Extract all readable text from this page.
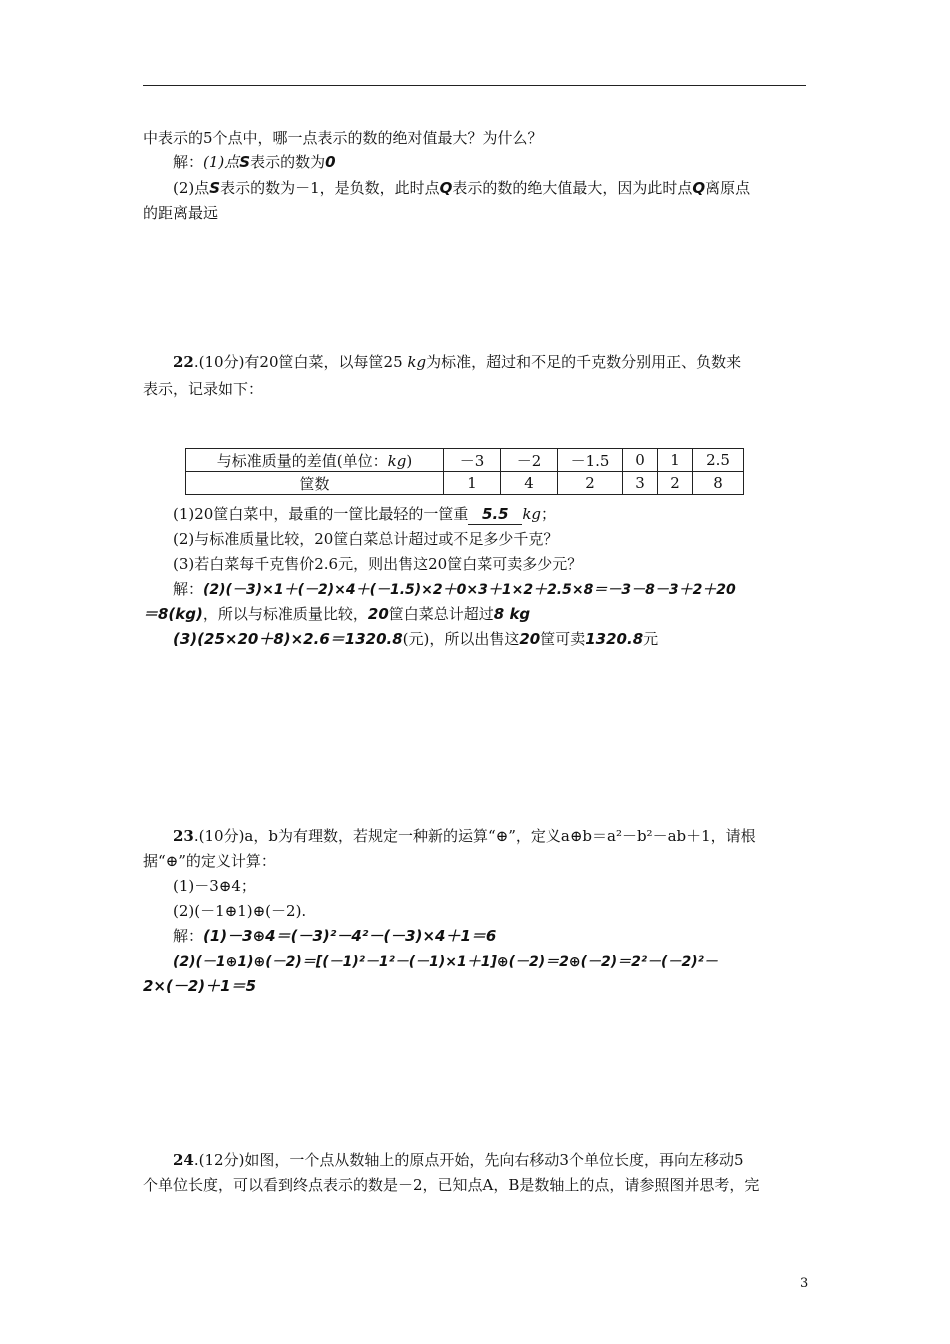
中表示的5个点中，哪一点表示的数的绝对值最大？为什么？
解：(1)点S表示的数为0
(2)点S表示的数为－1，是负数，此时点Q表示的数的绝大值最大，因为此时点Q离原点
的距离最远
22.(10分)有20筐白菜，以每筐25 kg为标准，超过和不足的千克数分别用正、负数来
表示，记录如下：
与标准质量的差值(单位：kg)	－3	－2	－1.5	0	1	2.5
筐数	1	4	2	3	2	8
(1)20筐白菜中，最重的一筐比最轻的一筐重 5.5 kg；
(2)与标准质量比较，20筐白菜总计超过或不足多少千克？
(3)若白菜每千克售价2.6元，则出售这20筐白菜可卖多少元？
解：(2)(－3)×1＋(－2)×4＋(－1.5)×2＋0×3＋1×2＋2.5×8＝－3－8－3＋2＋20
＝8(kg)，所以与标准质量比较，20筐白菜总计超过8 kg
(3)(25×20＋8)×2.6＝1320.8(元)，所以出售这20筐可卖1320.8元
23.(10分)a，b为有理数，若规定一种新的运算“⊕”，定义a⊕b＝a²－b²－ab＋1，请根
据“⊕”的定义计算：
(1)－3⊕4；
(2)(－1⊕1)⊕(－2).
解：(1)－3⊕4＝(－3)²－4²－(－3)×4＋1＝6
(2)(－1⊕1)⊕(－2)＝[(－1)²－1²－(－1)×1＋1]⊕(－2)＝2⊕(－2)＝2²－(－2)²－
2×(－2)＋1＝5
24.(12分)如图，一个点从数轴上的原点开始，先向右移动3个单位长度，再向左移动5
个单位长度，可以看到终点表示的数是－2，已知点A，B是数轴上的点，请参照图并思考，完
3
